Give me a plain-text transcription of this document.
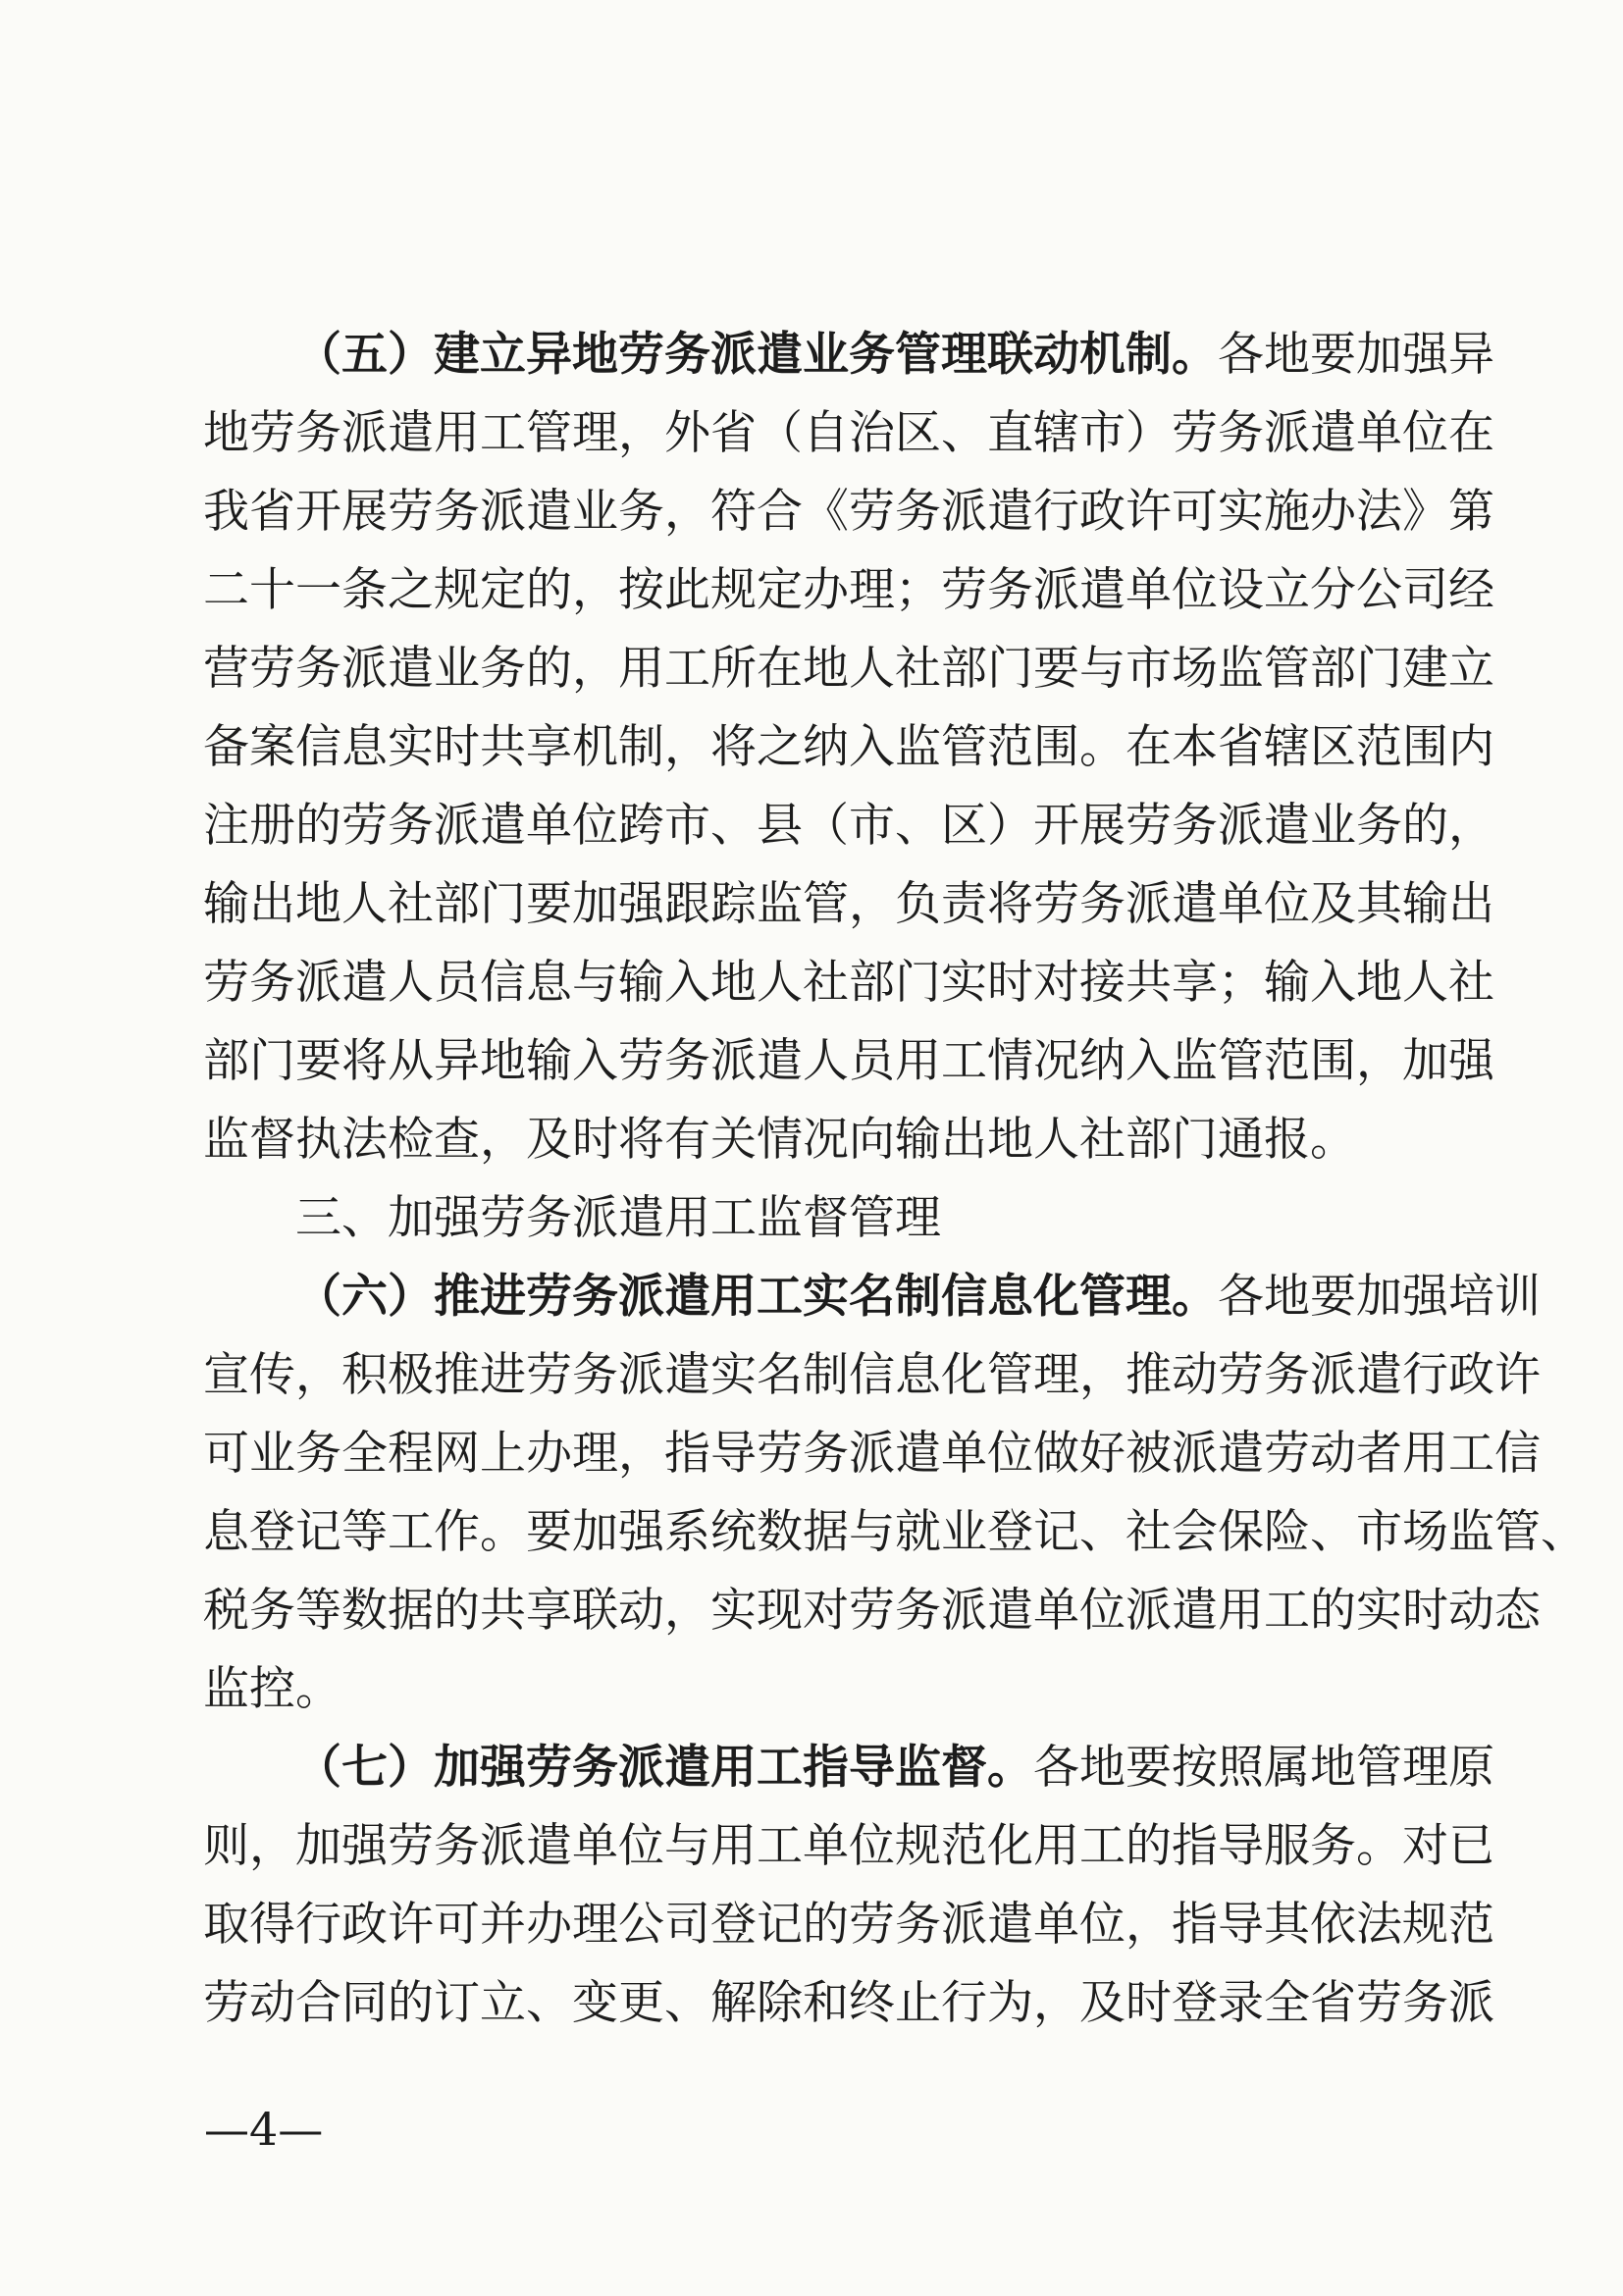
（五）建立异地劳务派遣业务管理联动机制。各地要加强异
地劳务派遣用工管理，外省（自治区、直辖市）劳务派遣单位在
我省开展劳务派遣业务，符合《劳务派遣行政许可实施办法》第
二十一条之规定的，按此规定办理；劳务派遣单位设立分公司经
营劳务派遣业务的，用工所在地人社部门要与市场监管部门建立
备案信息实时共享机制，将之纳入监管范围。在本省辖区范围内
注册的劳务派遣单位跨市、县（市、区）开展劳务派遣业务的，
输出地人社部门要加强跟踪监管，负责将劳务派遣单位及其输出
劳务派遣人员信息与输入地人社部门实时对接共享；输入地人社
部门要将从异地输入劳务派遣人员用工情况纳入监管范围，加强
监督执法检查，及时将有关情况向输出地人社部门通报。
三、加强劳务派遣用工监督管理
（六）推进劳务派遣用工实名制信息化管理。各地要加强培训
宣传，积极推进劳务派遣实名制信息化管理，推动劳务派遣行政许
可业务全程网上办理，指导劳务派遣单位做好被派遣劳动者用工信
息登记等工作。要加强系统数据与就业登记、社会保险、市场监管、
税务等数据的共享联动，实现对劳务派遣单位派遣用工的实时动态
监控。
（七）加强劳务派遣用工指导监督。各地要按照属地管理原
则，加强劳务派遣单位与用工单位规范化用工的指导服务。对已
取得行政许可并办理公司登记的劳务派遣单位，指导其依法规范
劳动合同的订立、变更、解除和终止行为，及时登录全省劳务派
—4—
